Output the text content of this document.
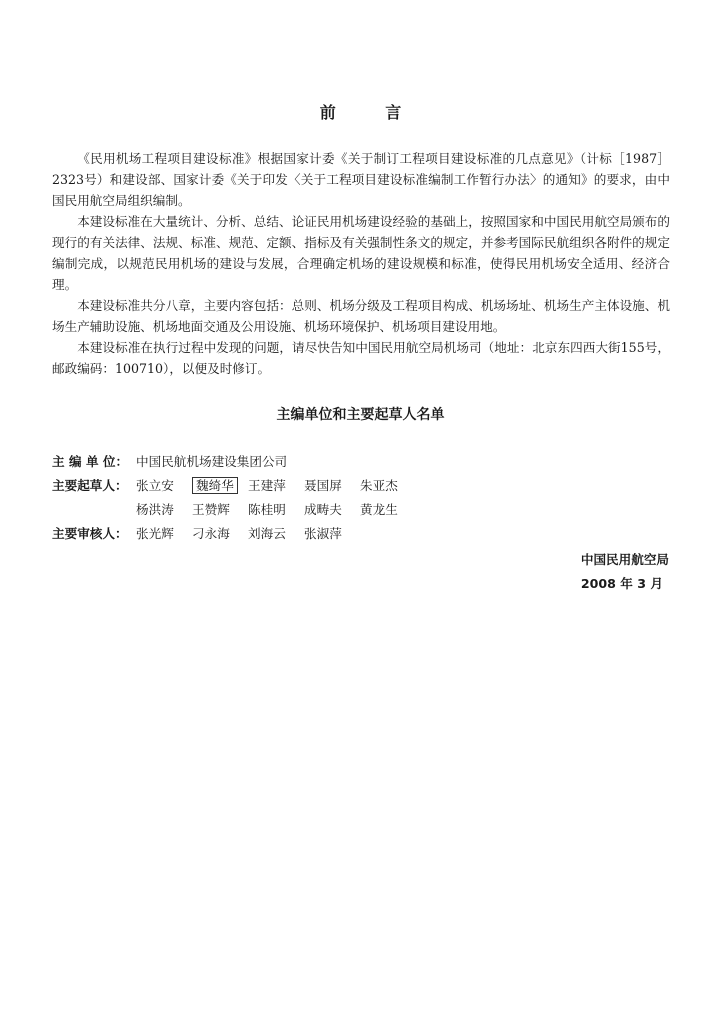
前 言

《民用机场工程项目建设标准》根据国家计委《关于制订工程项目建设标准的几点意见》（计标［1987］2323号）和建设部、国家计委《关于印发〈关于工程项目建设标准编制工作暂行办法〉的通知》的要求，由中国民用航空局组织编制。

本建设标准在大量统计、分析、总结、论证民用机场建设经验的基础上，按照国家和中国民用航空局颁布的现行的有关法律、法规、标准、规范、定额、指标及有关强制性条文的规定，并参考国际民航组织各附件的规定编制完成，以规范民用机场的建设与发展，合理确定机场的建设规模和标准，使得民用机场安全适用、经济合理。

本建设标准共分八章，主要内容包括：总则、机场分级及工程项目构成、机场场址、机场生产主体设施、机场生产辅助设施、机场地面交通及公用设施、机场环境保护、机场项目建设用地。

本建设标准在执行过程中发现的问题，请尽快告知中国民用航空局机场司（地址：北京东四西大街155号，邮政编码：100710），以便及时修订。

主编单位和主要起草人名单
主 编 单 位： 中国民航机场建设集团公司
主要起草人： 张立安	魏绮华	王建萍	聂国屏	朱亚杰
杨洪涛	王赞辉	陈桂明	成畴夫	黄龙生
主要审核人： 张光辉	刁永海	刘海云	张淑萍
中国民用航空局
2008 年 3 月
